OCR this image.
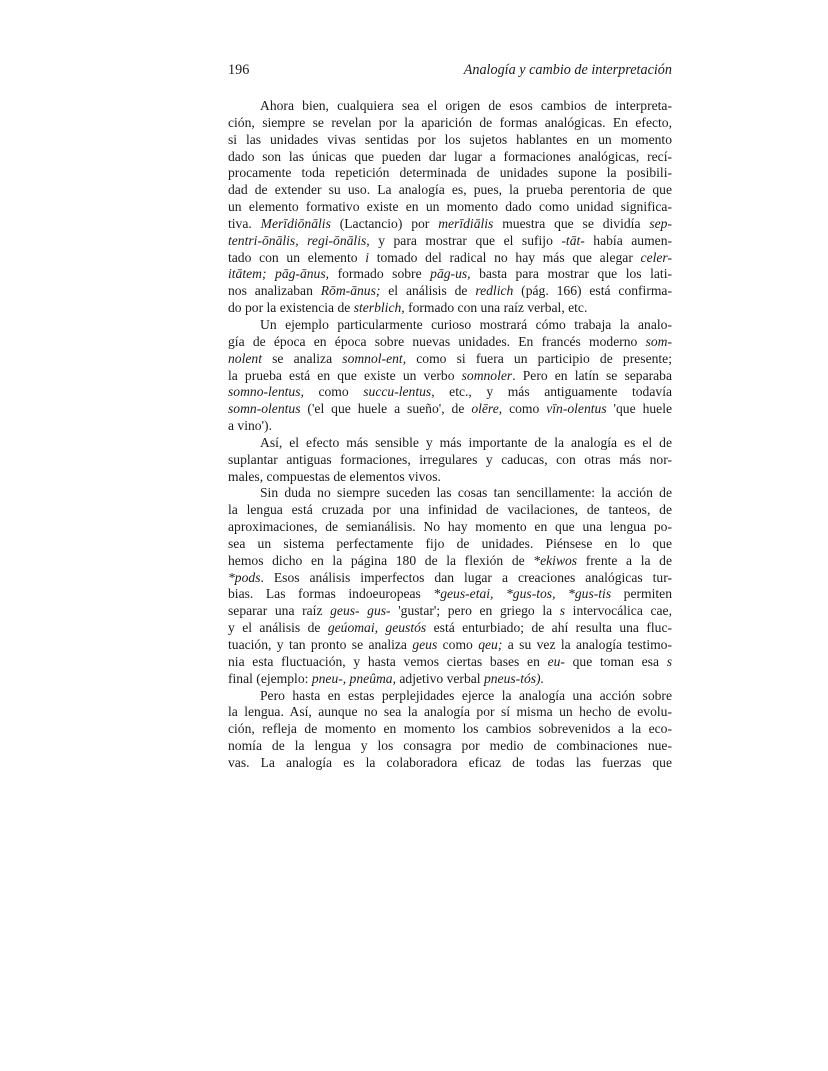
196	Analogía y cambio de interpretación

Ahora bien, cualquiera sea el origen de esos cambios de interpreta-
ción, siempre se revelan por la aparición de formas analógicas. En efecto,
si las unidades vivas sentidas por los sujetos hablantes en un momento
dado son las únicas que pueden dar lugar a formaciones analógicas, recí-
procamente toda repetición determinada de unidades supone la posibili-
dad de extender su uso. La analogía es, pues, la prueba perentoria de que
un elemento formativo existe en un momento dado como unidad significa-
tiva. Merīdiōnālis (Lactancio) por merīdiālis muestra que se dividía sep-
tentri-ōnālis, regi-ōnālis, y para mostrar que el sufijo -tāt- había aumen-
tado con un elemento i tomado del radical no hay más que alegar celer-
itātem; pāg-ānus, formado sobre pāg-us, basta para mostrar que los lati-
nos analizaban Rōm-ānus; el análisis de redlich (pág. 166) está confirma-
do por la existencia de sterblich, formado con una raíz verbal, etc.

Un ejemplo particularmente curioso mostrará cómo trabaja la analo-
gía de época en época sobre nuevas unidades. En francés moderno som-
nolent se analiza somnol-ent, como si fuera un participio de presente;
la prueba está en que existe un verbo somnoler. Pero en latín se separaba
somno-lentus, como succu-lentus, etc., y más antiguamente todavía
somn-olentus ('el que huele a sueño', de olēre, como vīn-olentus 'que huele
a vino').

Así, el efecto más sensible y más importante de la analogía es el de
suplantar antiguas formaciones, irregulares y caducas, con otras más nor-
males, compuestas de elementos vivos.

Sin duda no siempre suceden las cosas tan sencillamente: la acción de
la lengua está cruzada por una infinidad de vacilaciones, de tanteos, de
aproximaciones, de semianálisis. No hay momento en que una lengua po-
sea un sistema perfectamente fijo de unidades. Piénsese en lo que
hemos dicho en la página 180 de la flexión de *ekiwos frente a la de
*pods. Esos análisis imperfectos dan lugar a creaciones analógicas tur-
bias. Las formas indoeuropeas *geus-etai, *gus-tos, *gus-tis permiten
separar una raíz geus- gus- 'gustar'; pero en griego la s intervocálica cae,
y el análisis de geúomai, geustós está enturbiado; de ahí resulta una fluc-
tuación, y tan pronto se analiza geus como qeu; a su vez la analogía testimo-
nia esta fluctuación, y hasta vemos ciertas bases en eu- que toman esa s
final (ejemplo: pneu-, pneûma, adjetivo verbal pneus-tós).

Pero hasta en estas perplejidades ejerce la analogía una acción sobre
la lengua. Así, aunque no sea la analogía por sí misma un hecho de evolu-
ción, refleja de momento en momento los cambios sobrevenidos a la eco-
nomía de la lengua y los consagra por medio de combinaciones nue-
vas. La analogía es la colaboradora eficaz de todas las fuerzas que
